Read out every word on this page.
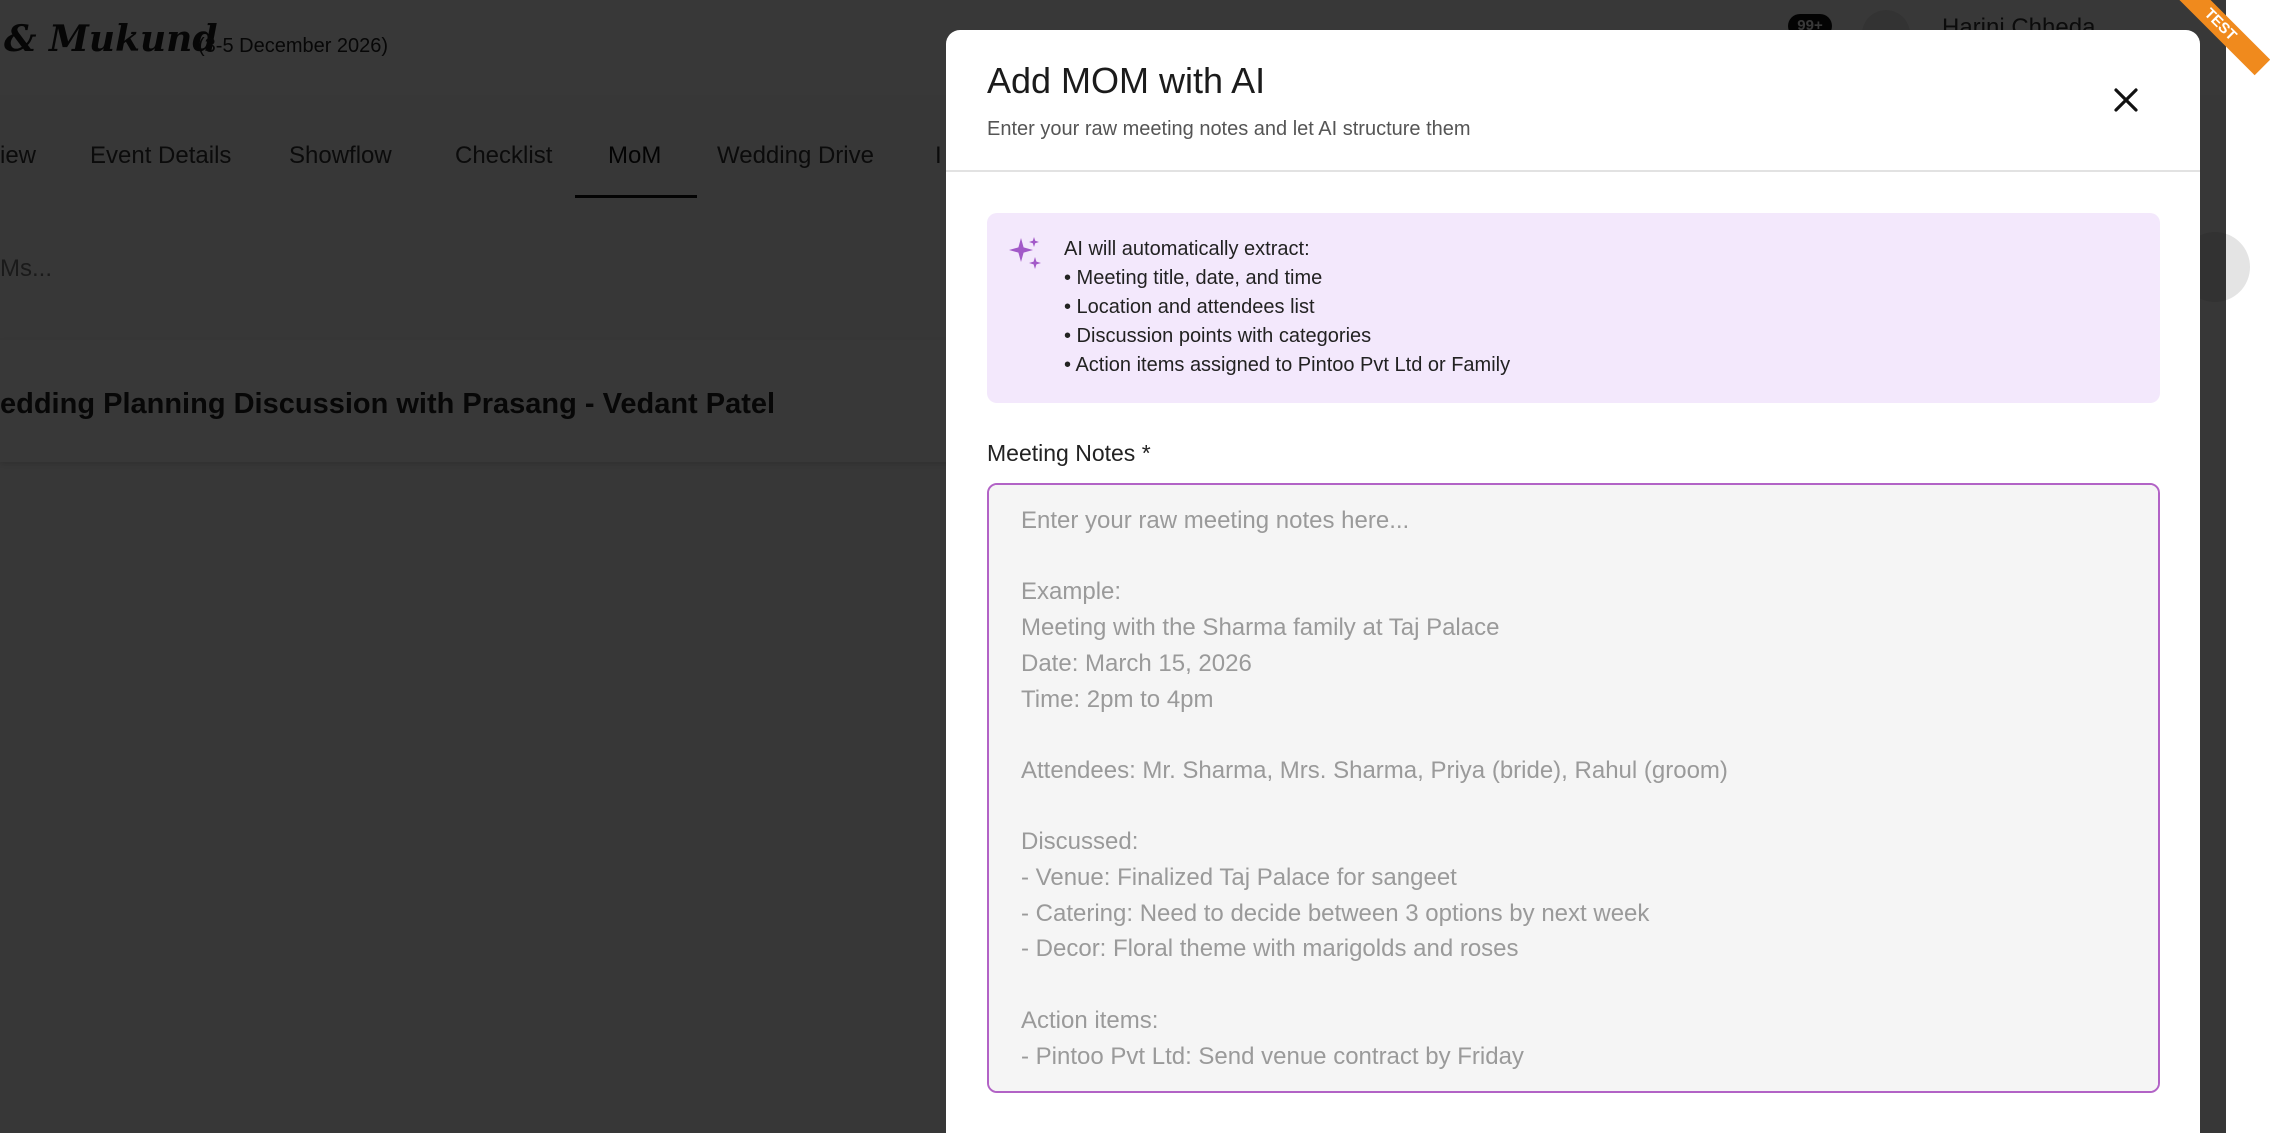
TEST
Add MOM with AI
Enter your raw meeting notes and let AI structure them
AI will automatically extract:
• Meeting title, date, and time
• Location and attendees list
• Discussion points with categories
• Action items assigned to Pintoo Pvt Ltd or Family
Meeting Notes *
Enter your raw meeting notes here... Example: Meeting with the Sharma family at Taj Palace Date: March 15, 2026 Time: 2pm to 4pm Attendees: Mr. Sharma, Mrs. Sharma, Priya (bride), Rahul (groom) Discussed: - Venue: Finalized Taj Palace for sangeet - Catering: Need to decide between 3 options by next week - Decor: Floral theme with marigolds and roses Action items: - Pintoo Pvt Ltd: Send venue contract by Friday
